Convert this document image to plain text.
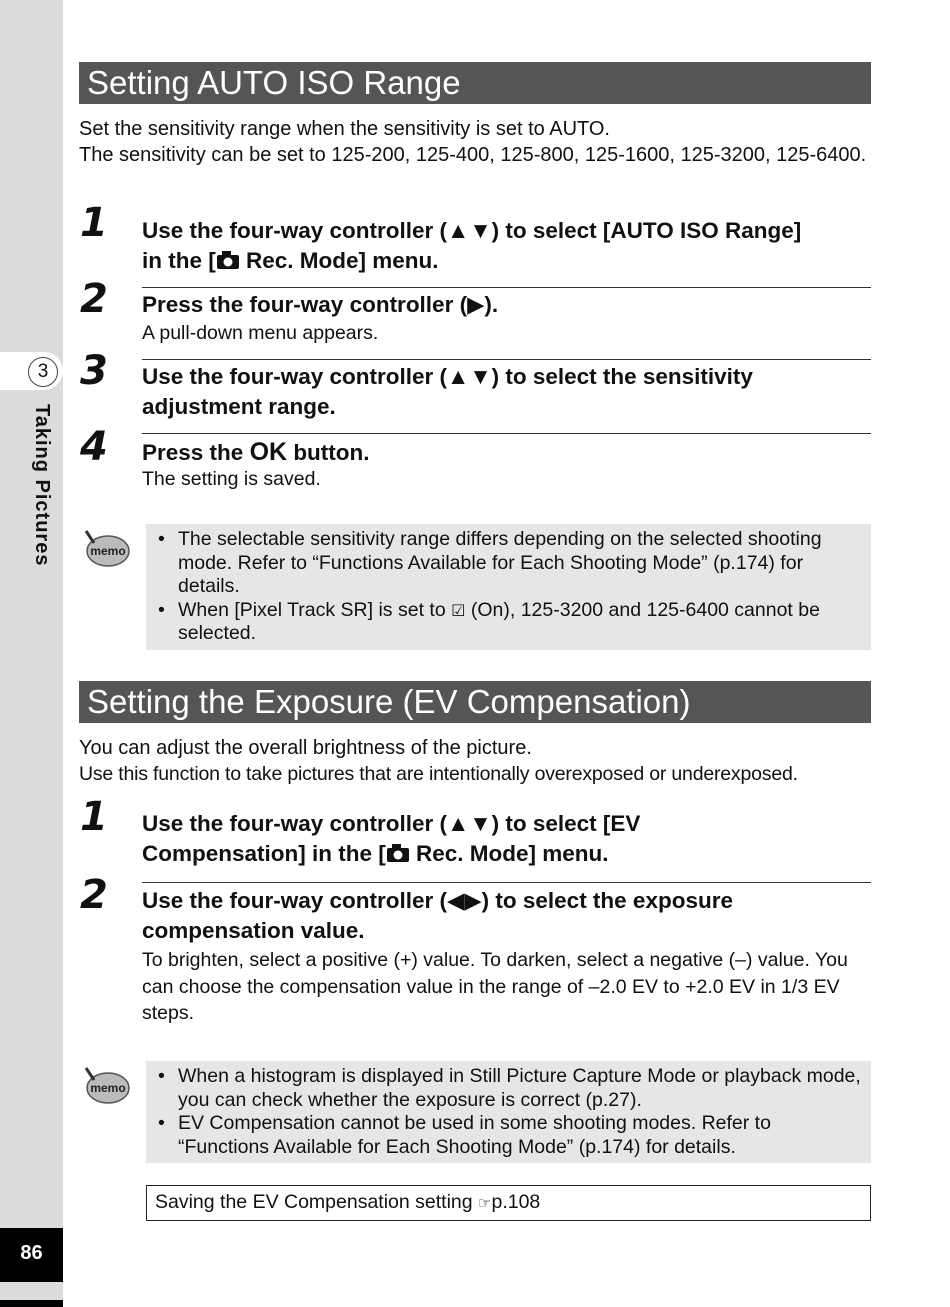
3
Taking Pictures
86
Setting AUTO ISO Range
Set the sensitivity range when the sensitivity is set to AUTO.
The sensitivity can be set to 125-200, 125-400, 125-800, 125-1600, 125-3200, 125-6400.
1 Use the four-way controller (▲▼) to select [AUTO ISO Range]
in the [ Rec. Mode] menu.
2 Press the four-way controller (▶).
A pull-down menu appears.
3 Use the four-way controller (▲▼) to select the sensitivity adjustment range.
4 Press the OK button.
The setting is saved.
memo
• The selectable sensitivity range differs depending on the selected shooting mode. Refer to “Functions Available for Each Shooting Mode” (p.174) for details.
• When [Pixel Track SR] is set to ☑ (On), 125-3200 and 125-6400 cannot be selected.
Setting the Exposure (EV Compensation)
You can adjust the overall brightness of the picture.
Use this function to take pictures that are intentionally overexposed or underexposed.
1 Use the four-way controller (▲▼) to select [EV
Compensation] in the [ Rec. Mode] menu.
2 Use the four-way controller (◀▶) to select the exposure compensation value.
To brighten, select a positive (+) value. To darken, select a negative (–) value. You can choose the compensation value in the range of –2.0 EV to +2.0 EV in 1/3 EV steps.
memo
• When a histogram is displayed in Still Picture Capture Mode or playback mode, you can check whether the exposure is correct (p.27).
• EV Compensation cannot be used in some shooting modes. Refer to “Functions Available for Each Shooting Mode” (p.174) for details.
Saving the EV Compensation setting ☞p.108
